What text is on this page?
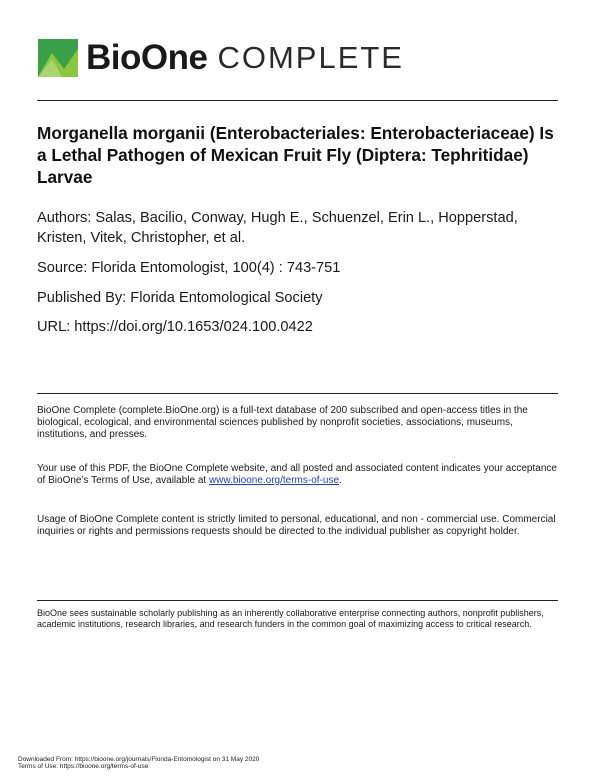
BioOne COMPLETE
Morganella morganii (Enterobacteriales: Enterobacteriaceae) Is a Lethal Pathogen of Mexican Fruit Fly (Diptera: Tephritidae) Larvae
Authors: Salas, Bacilio, Conway, Hugh E., Schuenzel, Erin L., Hopperstad, Kristen, Vitek, Christopher, et al.
Source: Florida Entomologist, 100(4) : 743-751
Published By: Florida Entomological Society
URL: https://doi.org/10.1653/024.100.0422
BioOne Complete (complete.BioOne.org) is a full-text database of 200 subscribed and open-access titles in the biological, ecological, and environmental sciences published by nonprofit societies, associations, museums, institutions, and presses.
Your use of this PDF, the BioOne Complete website, and all posted and associated content indicates your acceptance of BioOne’s Terms of Use, available at www.bioone.org/terms-of-use.
Usage of BioOne Complete content is strictly limited to personal, educational, and non - commercial use. Commercial inquiries or rights and permissions requests should be directed to the individual publisher as copyright holder.
BioOne sees sustainable scholarly publishing as an inherently collaborative enterprise connecting authors, nonprofit publishers, academic institutions, research libraries, and research funders in the common goal of maximizing access to critical research.
Downloaded From: https://bioone.org/journals/Florida-Entomologist on 31 May 2020
Terms of Use: https://bioone.org/terms-of-use
